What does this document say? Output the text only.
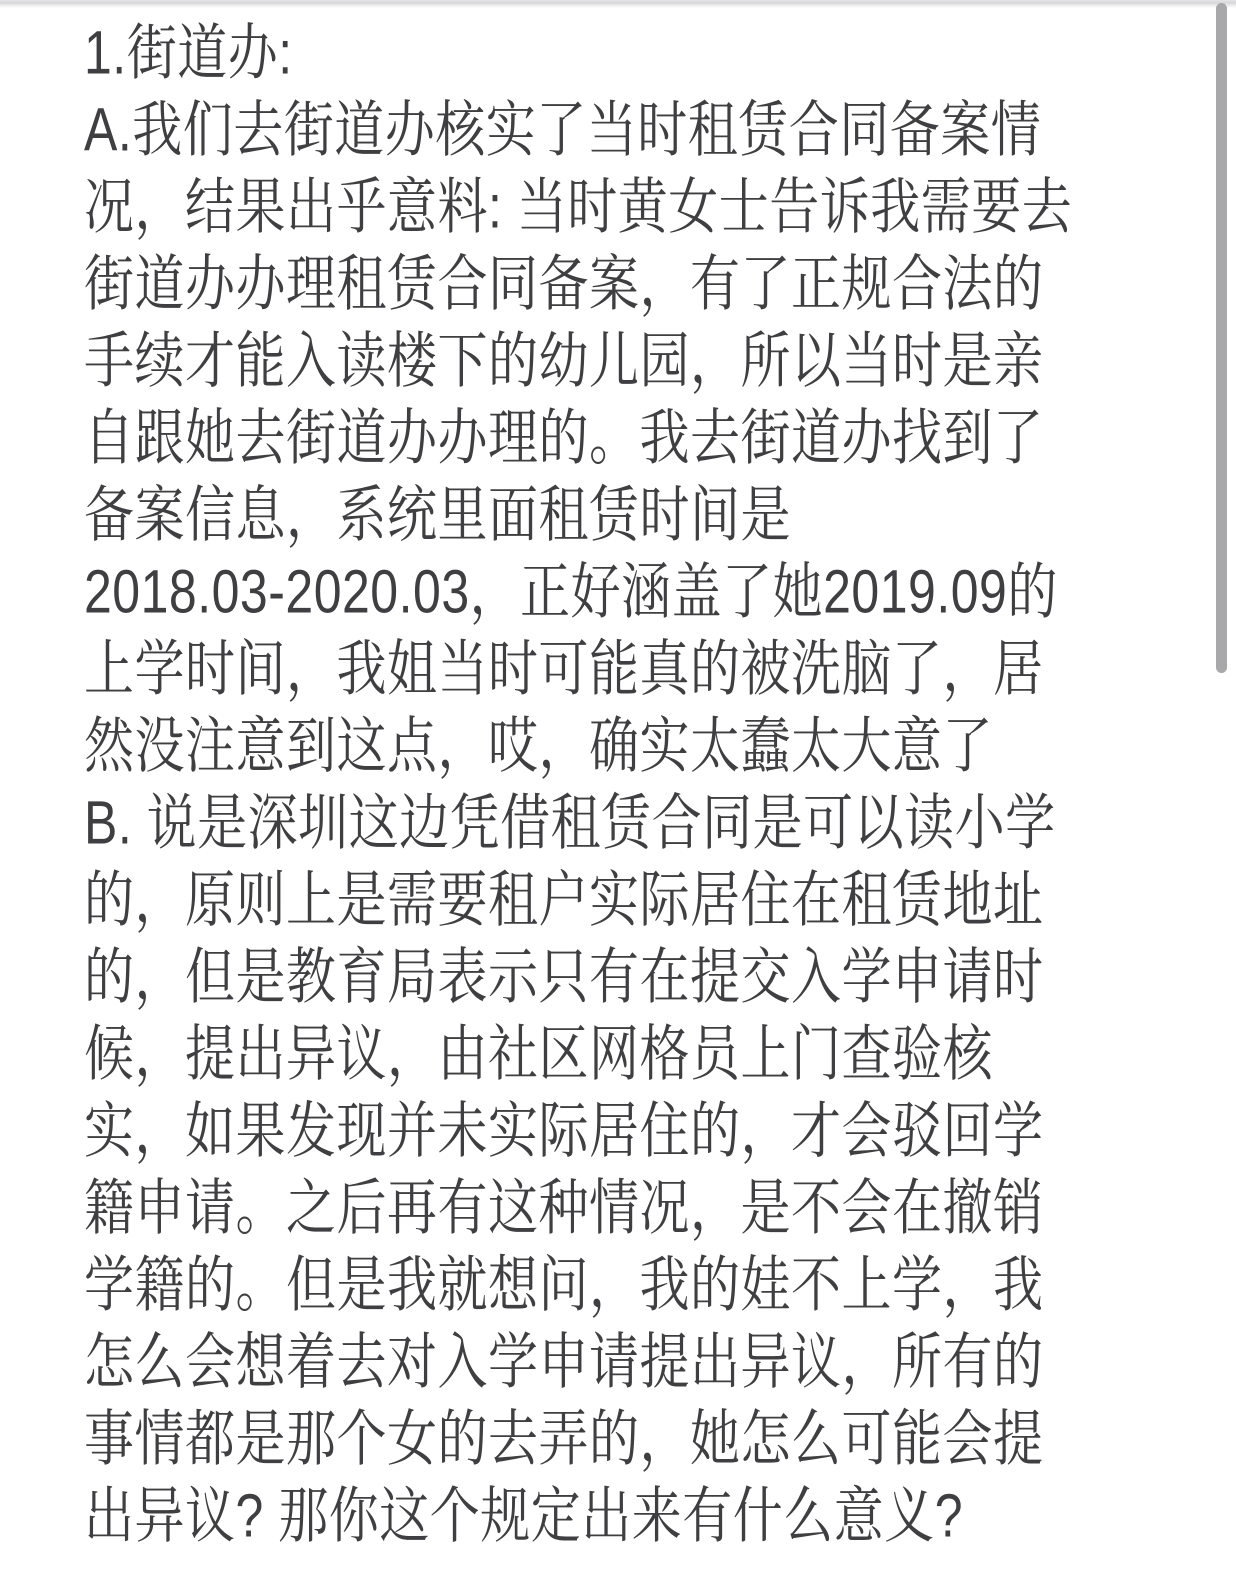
1.街道办:
A.我们去街道办核实了当时租赁合同备案情
况，结果出乎意料: 当时黄女士告诉我需要去
街道办办理租赁合同备案，有了正规合法的
手续才能入读楼下的幼儿园，所以当时是亲
自跟她去街道办办理的。我去街道办找到了
备案信息，系统里面租赁时间是
2018.03-2020.03，正好涵盖了她2019.09的
上学时间，我姐当时可能真的被洗脑了，居
然没注意到这点，哎，确实太蠢太大意了
B. 说是深圳这边凭借租赁合同是可以读小学
的，原则上是需要租户实际居住在租赁地址
的，但是教育局表示只有在提交入学申请时
候，提出异议，由社区网格员上门查验核
实，如果发现并未实际居住的，才会驳回学
籍申请。之后再有这种情况，是不会在撤销
学籍的。但是我就想问，我的娃不上学，我
怎么会想着去对入学申请提出异议，所有的
事情都是那个女的去弄的，她怎么可能会提
出异议? 那你这个规定出来有什么意义?
